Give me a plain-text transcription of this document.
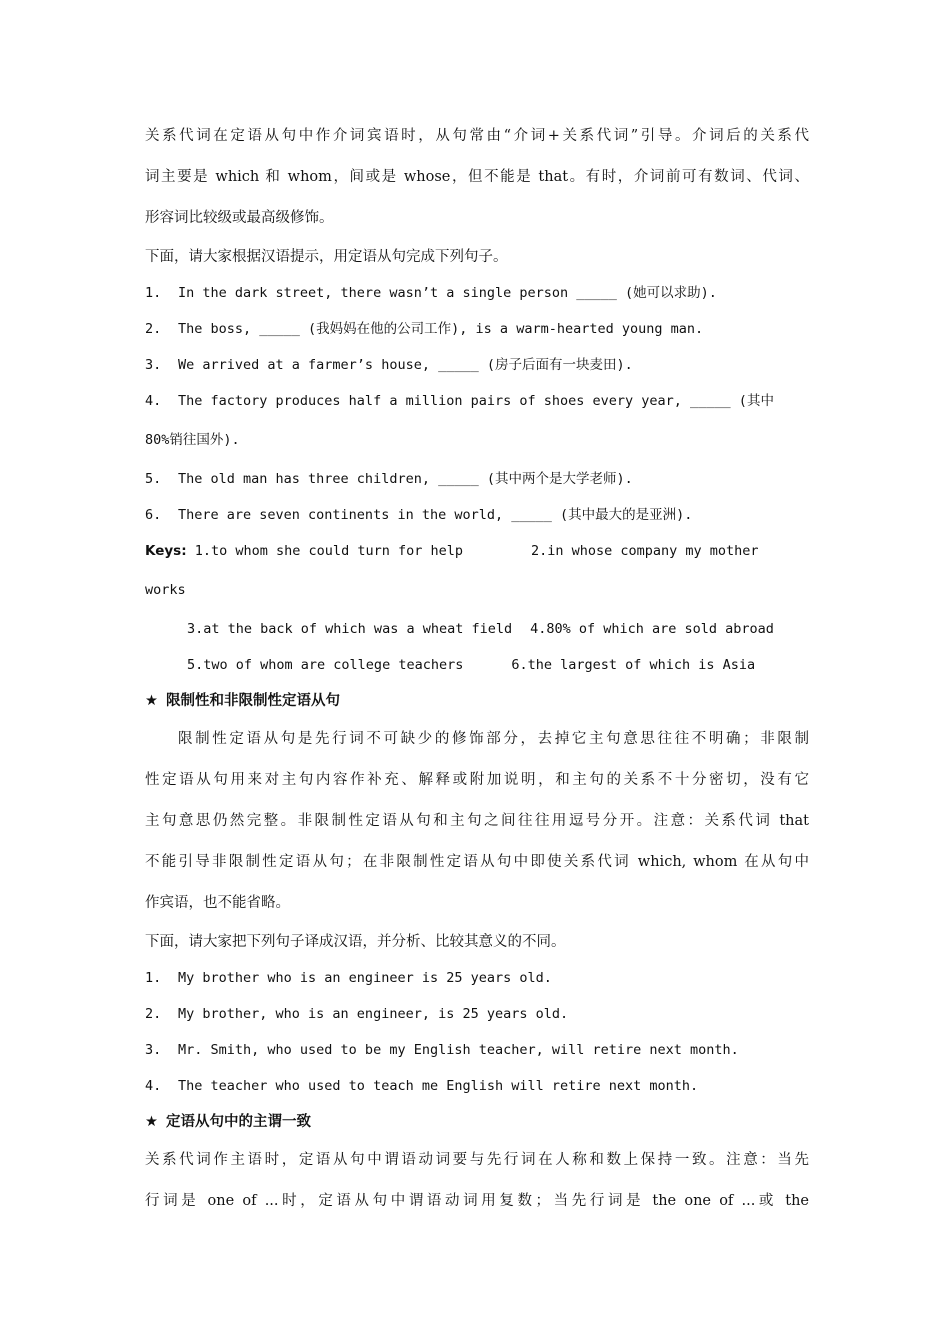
关系代词在定语从句中作介词宾语时，从句常由“介词+关系代词”引导。介词后的关系代

词主要是 which 和 whom，间或是 whose，但不能是 that。有时，介词前可有数词、代词、

形容词比较级或最高级修饰。

下面，请大家根据汉语提示，用定语从句完成下列句子。

1. In the dark street, there wasn’t a single person _____ (她可以求助).

2. The boss, _____ (我妈妈在他的公司工作), is a warm-hearted young man.

3. We arrived at a farmer’s house, _____ (房子后面有一块麦田).

4. The factory produces half a million pairs of shoes every year, _____ (其中

80%销往国外).

5. The old man has three children, _____ (其中两个是大学老师).

6. There are seven continents in the world, _____ (其中最大的是亚洲).

Keys: 1.to whom she could turn for help	2.in whose company my mother

works

3.at the back of which was a wheat field 4.80% of which are sold abroad

5.two of whom are college teachers	6.the largest of which is Asia

★ 限制性和非限制性定语从句

限制性定语从句是先行词不可缺少的修饰部分，去掉它主句意思往往不明确；非限制

性定语从句用来对主句内容作补充、解释或附加说明，和主句的关系不十分密切，没有它

主句意思仍然完整。非限制性定语从句和主句之间往往用逗号分开。注意：关系代词 that

不能引导非限制性定语从句；在非限制性定语从句中即使关系代词 which, whom 在从句中

作宾语，也不能省略。

下面，请大家把下列句子译成汉语，并分析、比较其意义的不同。

1. My brother who is an engineer is 25 years old.

2. My brother, who is an engineer, is 25 years old.

3. Mr. Smith, who used to be my English teacher, will retire next month.

4. The teacher who used to teach me English will retire next month.

★ 定语从句中的主谓一致

关系代词作主语时，定语从句中谓语动词要与先行词在人称和数上保持一致。注意：当先

行词是 one of ...时，定语从句中谓语动词用复数；当先行词是 the one of ...或 the
